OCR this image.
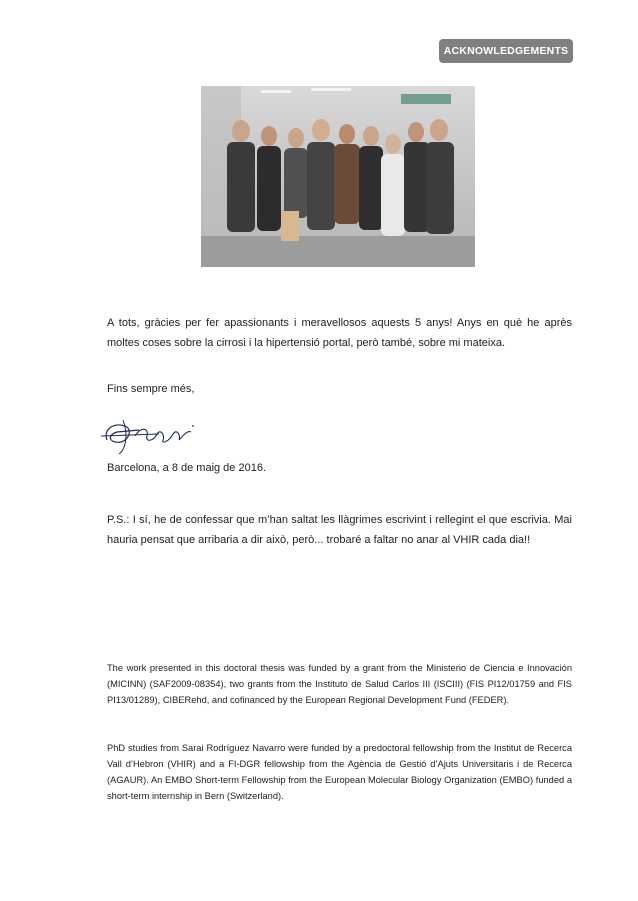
ACKNOWLEDGEMENTS

A tots, gràcies per fer apassionants i meravellosos aquests 5 anys! Anys en què he après moltes coses sobre la cirrosi i la hipertensió portal, però també, sobre mi mateixa.

Fins sempre més,

Barcelona, a 8 de maig de 2016.

P.S.: I sí, he de confessar que m’han saltat les llàgrimes escrivint i rellegint el que escrivia. Mai hauria pensat que arribaria a dir això, però... trobaré a faltar no anar al VHIR cada dia!!

The work presented in this doctoral thesis was funded by a grant from the Ministerio de Ciencia e Innovación (MICINN) (SAF2009-08354), two grants from the Instituto de Salud Carlos III (ISCIII) (FIS PI12/01759 and FIS PI13/01289), CIBERehd, and cofinanced by the European Regional Development Fund (FEDER).

PhD studies from Sarai Rodríguez Navarro were funded by a predoctoral fellowship from the Institut de Recerca Vall d’Hebron (VHIR) and a FI-DGR fellowship from the Agència de Gestió d’Ajuts Universitaris i de Recerca (AGAUR). An EMBO Short-term Fellowship from the European Molecular Biology Organization (EMBO) funded a short-term internship in Bern (Switzerland).
